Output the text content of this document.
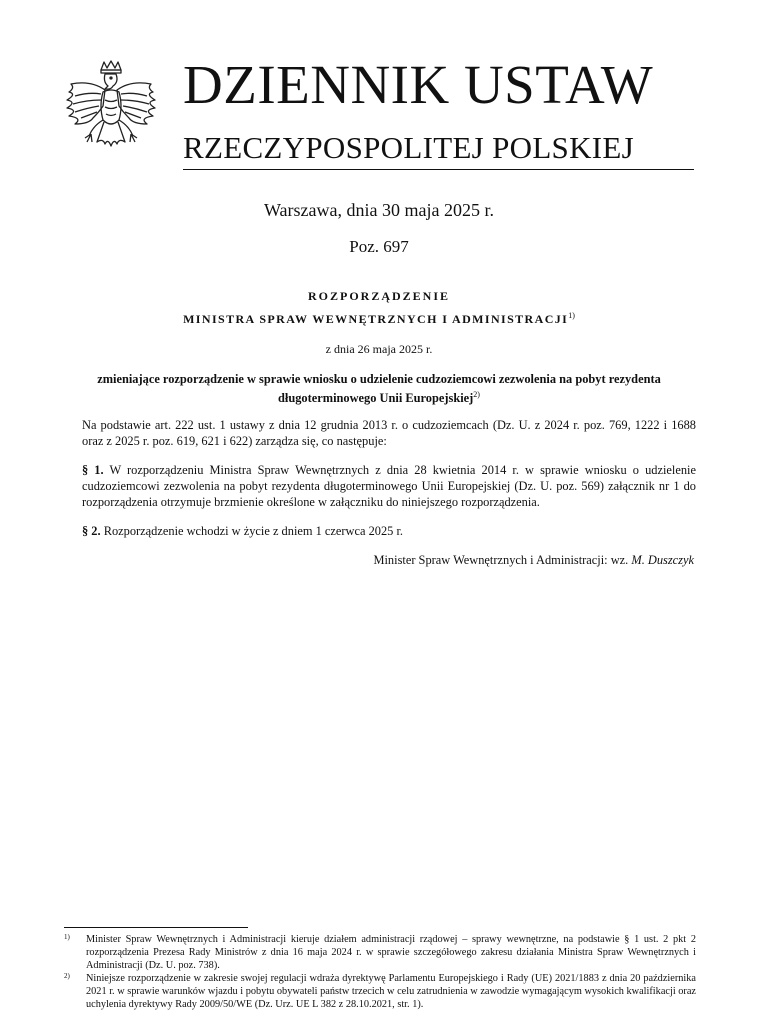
DZIENNIK USTAW
RZECZYPOSPOLITEJ POLSKIEJ
Warszawa, dnia 30 maja 2025 r.
Poz. 697
ROZPORZĄDZENIE
MINISTRA SPRAW WEWNĘTRZNYCH I ADMINISTRACJI$^{1)}$
z dnia 26 maja 2025 r.
zmieniające rozporządzenie w sprawie wniosku o udzielenie cudzoziemcowi zezwolenia na pobyt rezydenta
długoterminowego Unii Europejskiej$^{2)}$
Na podstawie art. 222 ust. 1 ustawy z dnia 12 grudnia 2013 r. o cudzoziemcach (Dz. U. z 2024 r. poz. 769, 1222 i 1688 oraz z 2025 r. poz. 619, 621 i 622) zarządza się, co następuje:
§ 1. W rozporządzeniu Ministra Spraw Wewnętrznych z dnia 28 kwietnia 2014 r. w sprawie wniosku o udzielenie cudzoziemcowi zezwolenia na pobyt rezydenta długoterminowego Unii Europejskiej (Dz. U. poz. 569) załącznik nr 1 do rozporządzenia otrzymuje brzmienie określone w załączniku do niniejszego rozporządzenia.
§ 2. Rozporządzenie wchodzi w życie z dniem 1 czerwca 2025 r.
Minister Spraw Wewnętrznych i Administracji: wz. M. Duszczyk
1) Minister Spraw Wewnętrznych i Administracji kieruje działem administracji rządowej – sprawy wewnętrzne, na podstawie § 1 ust. 2 pkt 2 rozporządzenia Prezesa Rady Ministrów z dnia 16 maja 2024 r. w sprawie szczegółowego zakresu działania Ministra Spraw Wewnętrznych i Administracji (Dz. U. poz. 738).
2) Niniejsze rozporządzenie w zakresie swojej regulacji wdraża dyrektywę Parlamentu Europejskiego i Rady (UE) 2021/1883 z dnia 20 października 2021 r. w sprawie warunków wjazdu i pobytu obywateli państw trzecich w celu zatrudnienia w zawodzie wymagającym wysokich kwalifikacji oraz uchylenia dyrektywy Rady 2009/50/WE (Dz. Urz. UE L 382 z 28.10.2021, str. 1).
